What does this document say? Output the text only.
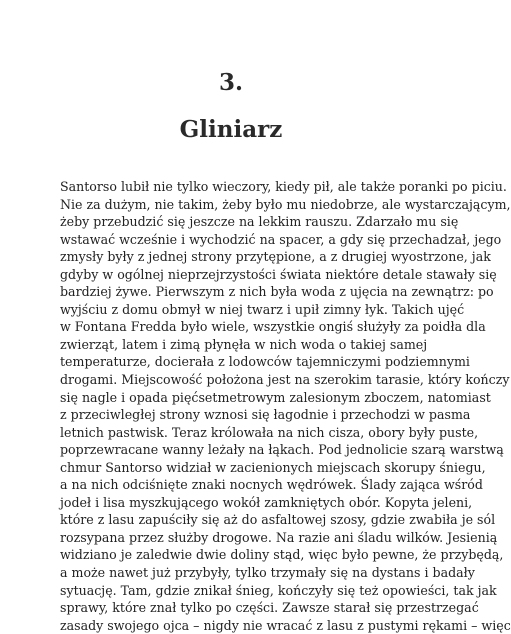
3.
Gliniarz
Santorso lubił nie tylko wieczory, kiedy pił, ale także poranki po piciu.
Nie za dużym, nie takim, żeby było mu niedobrze, ale wystarczającym,
żeby przebudzić się jeszcze na lekkim rauszu. Zdarzało mu się
wstawać wcześnie i wychodzić na spacer, a gdy się przechadzał, jego
zmysły były z jednej strony przytępione, a z drugiej wyostrzone, jak
gdyby w ogólnej nieprzejrzystości świata niektóre detale stawały się
bardziej żywe. Pierwszym z nich była woda z ujęcia na zewnątrz: po
wyjściu z domu obmył w niej twarz i upił zimny łyk. Takich ujęć
w Fontana Fredda było wiele, wszystkie ongiś służyły za poidła dla
zwierząt, latem i zimą płynęła w nich woda o takiej samej
temperaturze, docierała z lodowców tajemniczymi podziemnymi
drogami. Miejscowość położona jest na szerokim tarasie, który kończy
się nagle i opada pięćsetmetrowym zalesionym zboczem, natomiast
z przeciwległej strony wznosi się łagodnie i przechodzi w pasma
letnich pastwisk. Teraz królowała na nich cisza, obory były puste,
poprzewracane wanny leżały na łąkach. Pod jednolicie szarą warstwą
chmur Santorso widział w zacienionych miejscach skorupy śniegu,
a na nich odciśnięte znaki nocnych wędrówek. Ślady zająca wśród
jodeł i lisa myszkującego wokół zamkniętych obór. Kopyta jeleni,
które z lasu zapuściły się aż do asfaltowej szosy, gdzie zwabiła je sól
rozsypana przez służby drogowe. Na razie ani śladu wilków. Jesienią
widziano je zaledwie dwie doliny stąd, więc było pewne, że przybędą,
a może nawet już przybyły, tylko trzymały się na dystans i badały
sytuację. Tam, gdzie znikał śnieg, kończyły się też opowieści, tak jak
sprawy, które znał tylko po części. Zawsze starał się przestrzegać
zasady swojego ojca – nigdy nie wracać z lasu z pustymi rękami – więc
